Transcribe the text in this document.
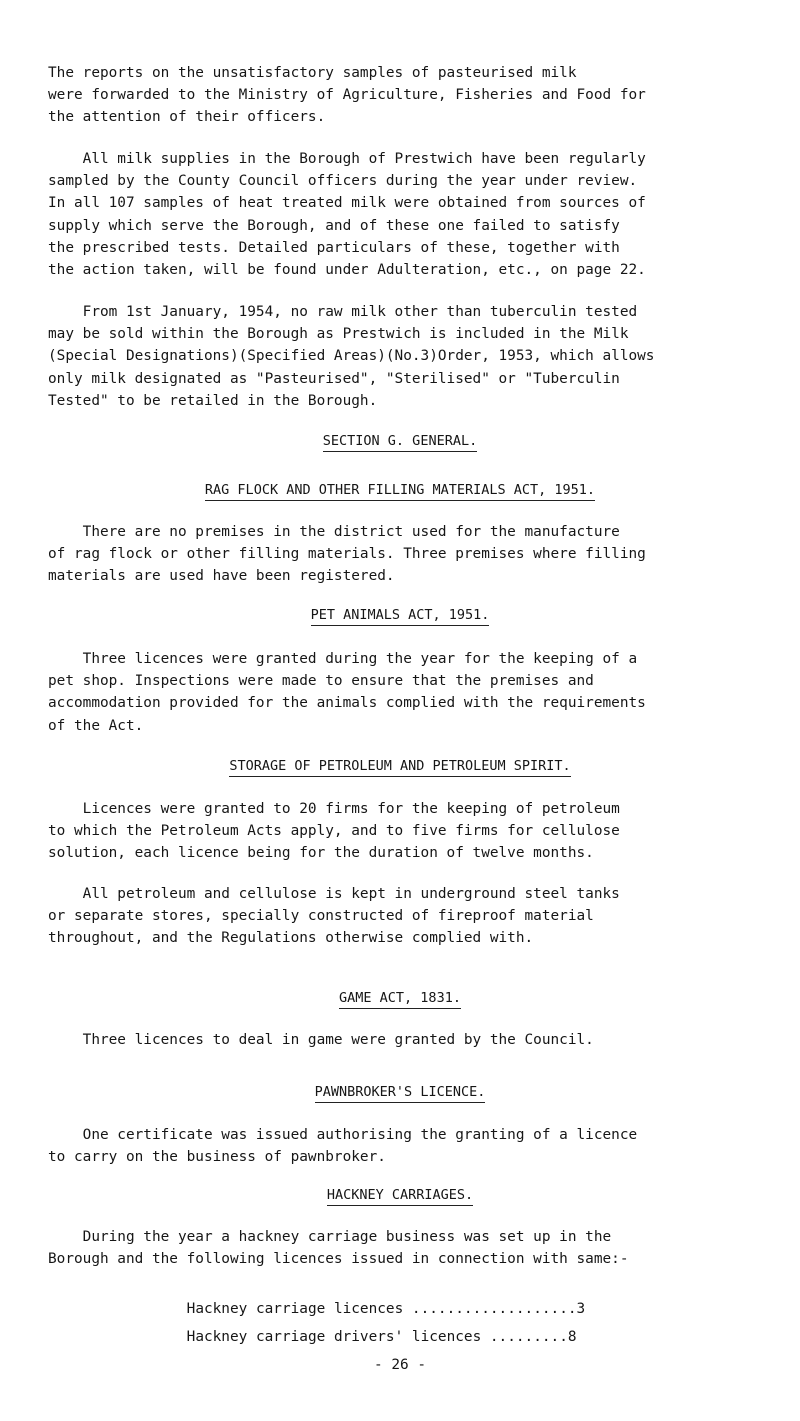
The reports on the unsatisfactory samples of pasteurised milk
were forwarded to the Ministry of Agriculture, Fisheries and Food for
the attention of their officers.

All milk supplies in the Borough of Prestwich have been regularly
sampled by the County Council officers during the year under review.
In all 107 samples of heat treated milk were obtained from sources of
supply which serve the Borough, and of these one failed to satisfy
the prescribed tests. Detailed particulars of these, together with
the action taken, will be found under Adulteration, etc., on page 22.

From 1st January, 1954, no raw milk other than tuberculin tested
may be sold within the Borough as Prestwich is included in the Milk
(Special Designations)(Specified Areas)(No.3)Order, 1953, which allows
only milk designated as "Pasteurised", "Sterilised" or "Tuberculin
Tested" to be retailed in the Borough.

SECTION G. GENERAL.
RAG FLOCK AND OTHER FILLING MATERIALS ACT, 1951.

There are no premises in the district used for the manufacture
of rag flock or other filling materials. Three premises where filling
materials are used have been registered.

PET ANIMALS ACT, 1951.

Three licences were granted during the year for the keeping of a
pet shop. Inspections were made to ensure that the premises and
accommodation provided for the animals complied with the requirements
of the Act.

STORAGE OF PETROLEUM AND PETROLEUM SPIRIT.

Licences were granted to 20 firms for the keeping of petroleum
to which the Petroleum Acts apply, and to five firms for cellulose
solution, each licence being for the duration of twelve months.

All petroleum and cellulose is kept in underground steel tanks
or separate stores, specially constructed of fireproof material
throughout, and the Regulations otherwise complied with.

GAME ACT, 1831.

Three licences to deal in game were granted by the Council.

PAWNBROKER'S LICENCE.

One certificate was issued authorising the granting of a licence
to carry on the business of pawnbroker.

HACKNEY CARRIAGES.

During the year a hackney carriage business was set up in the
Borough and the following licences issued in connection with same:-

Hackney carriage licences ...................3

Hackney carriage drivers' licences .........8

- 26 -
